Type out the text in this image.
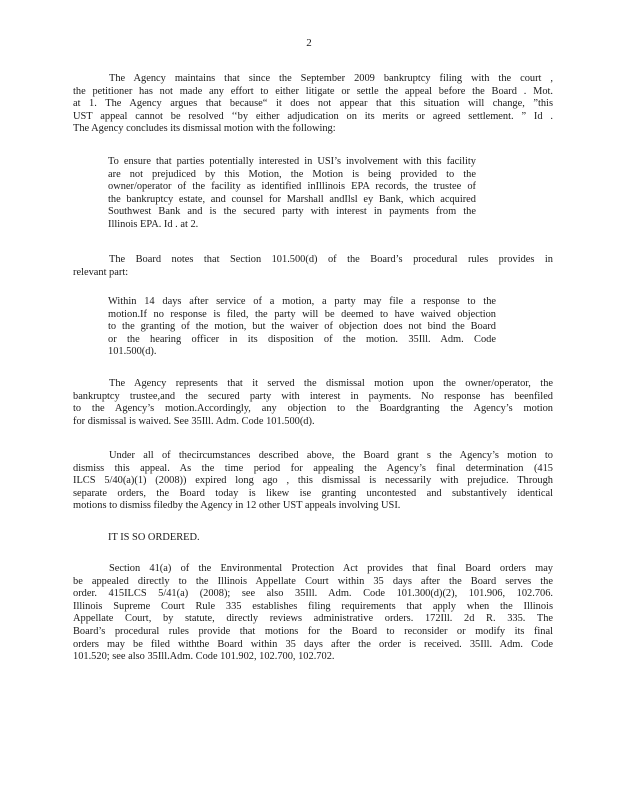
2

The Agency maintains that since the September 2009 bankruptcy filing with the court ,

the petitioner has not made any effort to either litigate or settle the appeal before the Board . Mot.

at 1. The Agency argues that because“ it does not appear that this situation will change, ”this

UST appeal cannot be resolved ‘‘by either adjudication on its merits or agreed settlement. ” Id .

The Agency concludes its dismissal motion with the following:

To ensure that parties potentially interested in USI’s involvement with this facility

are not prejudiced by this Motion, the Motion is being provided to the

owner/operator of the facility as identified inIllinois EPA records, the trustee of

the bankruptcy estate, and counsel for Marshall andIlsl ey Bank, which acquired

Southwest Bank and is the secured party with interest in payments from the

Illinois EPA. Id . at 2.

The Board notes that Section 101.500(d) of the Board’s procedural rules provides in

relevant part:

Within 14 days after service of a motion, a party may file a response to the

motion.If no response is filed, the party will be deemed to have waived objection

to the granting of the motion, but the waiver of objection does not bind the Board

or the hearing officer in its disposition of the motion. 35Ill. Adm. Code

101.500(d).

The Agency represents that it served the dismissal motion upon the owner/operator, the

bankruptcy trustee,and the secured party with interest in payments. No response has beenfiled

to the Agency’s motion.Accordingly, any objection to the Boardgranting the Agency’s motion

for dismissal is waived. See 35Ill. Adm. Code 101.500(d).

Under all of thecircumstances described above, the Board grant s the Agency’s motion to

dismiss this appeal. As the time period for appealing the Agency’s final determination (415

ILCS 5/40(a)(1) (2008)) expired long ago , this dismissal is necessarily with prejudice. Through

separate orders, the Board today is likew ise granting uncontested and substantively identical

motions to dismiss filedby the Agency in 12 other UST appeals involving USI.

IT IS SO ORDERED.

Section 41(a) of the Environmental Protection Act provides that final Board orders may

be appealed directly to the Illinois Appellate Court within 35 days after the Board serves the

order. 415ILCS 5/41(a) (2008); see also 35Ill. Adm. Code 101.300(d)(2), 101.906, 102.706.

Illinois Supreme Court Rule 335 establishes filing requirements that apply when the Illinois

Appellate Court, by statute, directly reviews administrative orders. 172Ill. 2d R. 335. The

Board’s procedural rules provide that motions for the Board to reconsider or modify its final

orders may be filed withthe Board within 35 days after the order is received. 35Ill. Adm. Code

101.520; see also 35Ill.Adm. Code 101.902, 102.700, 102.702.
